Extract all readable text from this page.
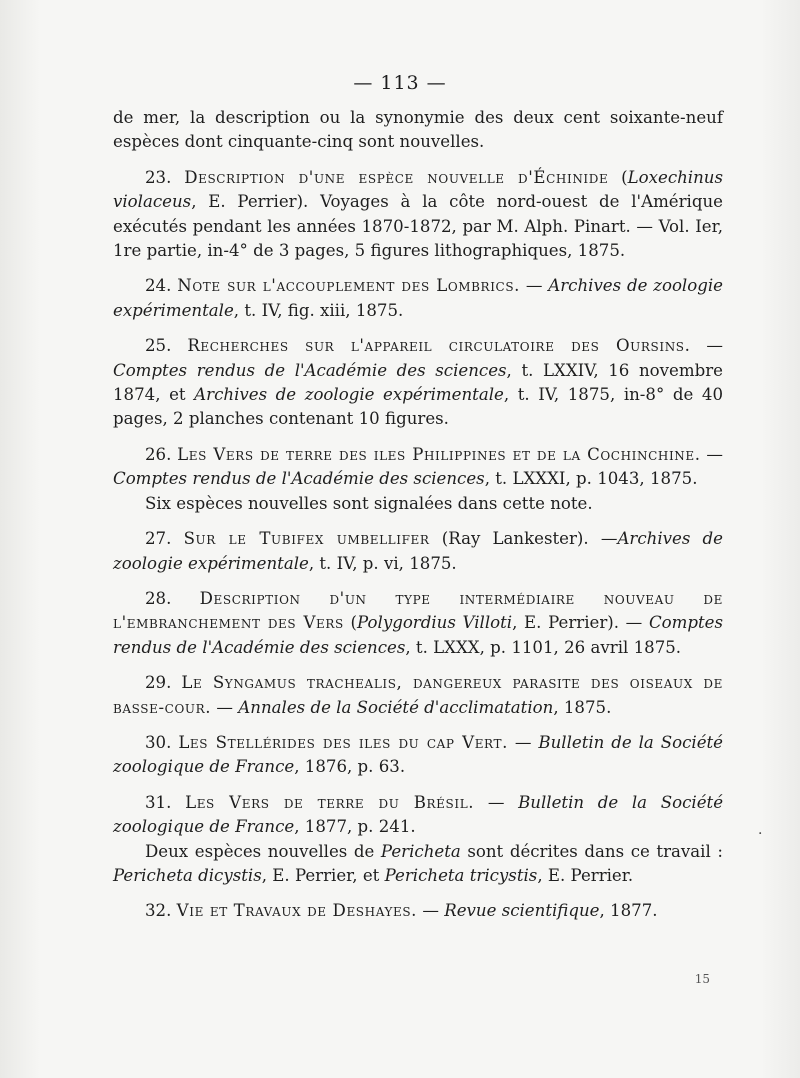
— 113 —

de mer, la description ou la synonymie des deux cent soixante-neuf espèces dont cinquante-cinq sont nouvelles.

23. Description d'une espèce nouvelle d'Échinide (Loxechinus violaceus, E. Perrier). Voyages à la côte nord-ouest de l'Amérique exécutés pendant les années 1870-1872, par M. Alph. Pinart. — Vol. Ier, 1re partie, in-4° de 3 pages, 5 figures lithographiques, 1875.

24. Note sur l'accouplement des Lombrics. — Archives de zoologie expérimentale, t. IV, fig. xiii, 1875.

25. Recherches sur l'appareil circulatoire des Oursins. — Comptes rendus de l'Académie des sciences, t. LXXIV, 16 novembre 1874, et Archives de zoologie expérimentale, t. IV, 1875, in-8° de 40 pages, 2 planches contenant 10 figures.

26. Les Vers de terre des iles Philippines et de la Cochinchine. — Comptes rendus de l'Académie des sciences, t. LXXXI, p. 1043, 1875.

Six espèces nouvelles sont signalées dans cette note.

27. Sur le Tubifex umbellifer (Ray Lankester). —Archives de zoologie expérimentale, t. IV, p. vi, 1875.

28. Description d'un type intermédiaire nouveau de l'embranchement des Vers (Polygordius Villoti, E. Perrier). — Comptes rendus de l'Académie des sciences, t. LXXX, p. 1101, 26 avril 1875.

29. Le Syngamus trachealis, dangereux parasite des oiseaux de basse-cour. — Annales de la Société d'acclimatation, 1875.

30. Les Stellérides des iles du cap Vert. — Bulletin de la Société zoologique de France, 1876, p. 63.

31. Les Vers de terre du Brésil. — Bulletin de la Société zoologique de France, 1877, p. 241.

Deux espèces nouvelles de Pericheta sont décrites dans ce travail : Pericheta dicystis, E. Perrier, et Pericheta tricystis, E. Perrier.

32. Vie et Travaux de Deshayes. — Revue scientifique, 1877.

·
15
